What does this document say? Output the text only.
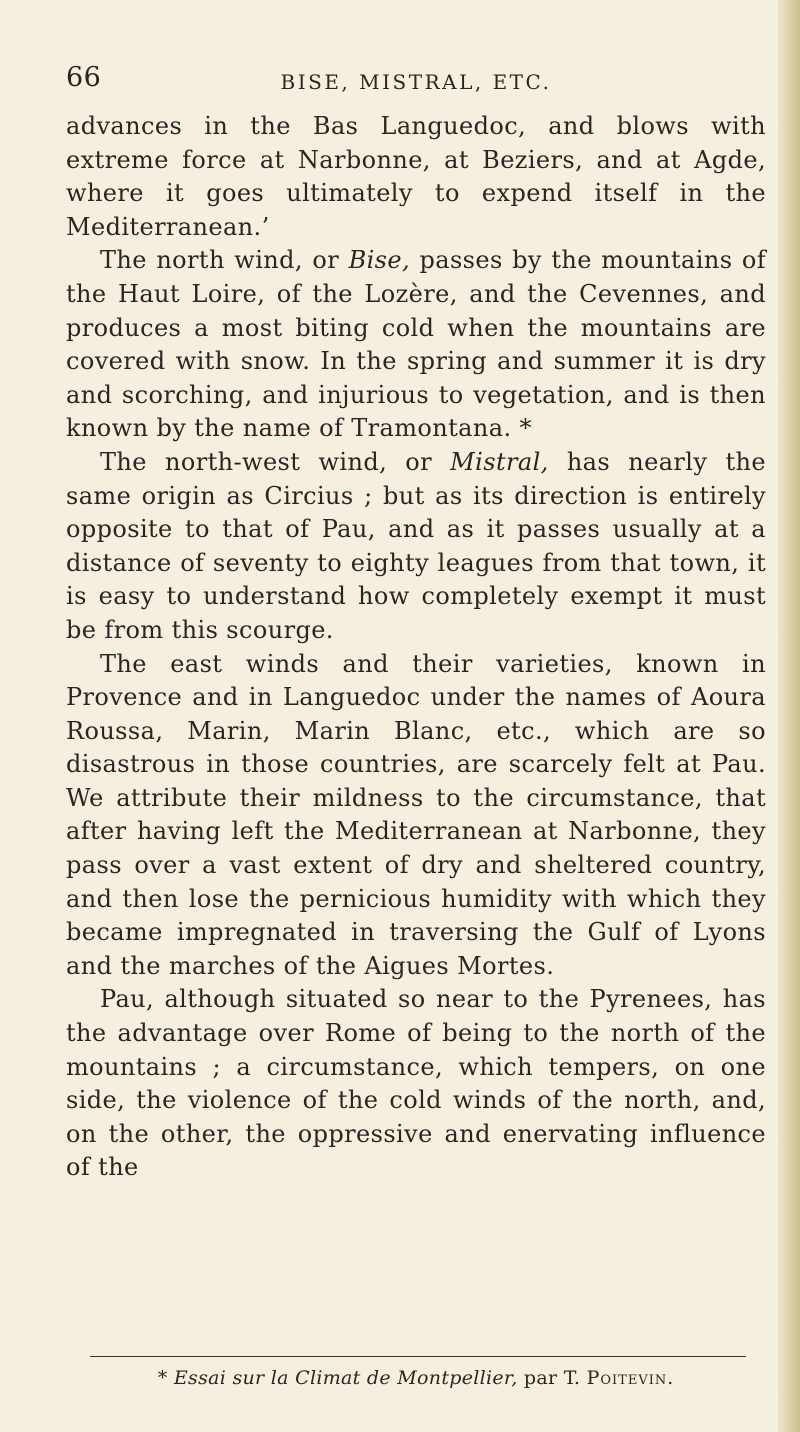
66	BISE, MISTRAL, ETC.

advances in the Bas Languedoc, and blows with extreme force at Narbonne, at Beziers, and at Agde, where it goes ultimately to expend itself in the Mediterranean.’

The north wind, or Bise, passes by the mountains of the Haut Loire, of the Lozère, and the Cevennes, and produces a most biting cold when the mountains are covered with snow. In the spring and summer it is dry and scorching, and injurious to vegetation, and is then known by the name of Tramontana. *

The north-west wind, or Mistral, has nearly the same origin as Circius ; but as its direction is entirely opposite to that of Pau, and as it passes usually at a distance of seventy to eighty leagues from that town, it is easy to understand how completely exempt it must be from this scourge.

The east winds and their varieties, known in Provence and in Languedoc under the names of Aoura Roussa, Marin, Marin Blanc, etc., which are so disastrous in those countries, are scarcely felt at Pau. We attribute their mildness to the circumstance, that after having left the Mediterranean at Narbonne, they pass over a vast extent of dry and sheltered country, and then lose the pernicious humidity with which they became impregnated in traversing the Gulf of Lyons and the marches of the Aigues Mortes.

Pau, although situated so near to the Pyrenees, has the advantage over Rome of being to the north of the mountains ; a circumstance, which tempers, on one side, the violence of the cold winds of the north, and, on the other, the oppressive and enervating influence of the

* Essai sur la Climat de Montpellier, par T. Poitevin.
